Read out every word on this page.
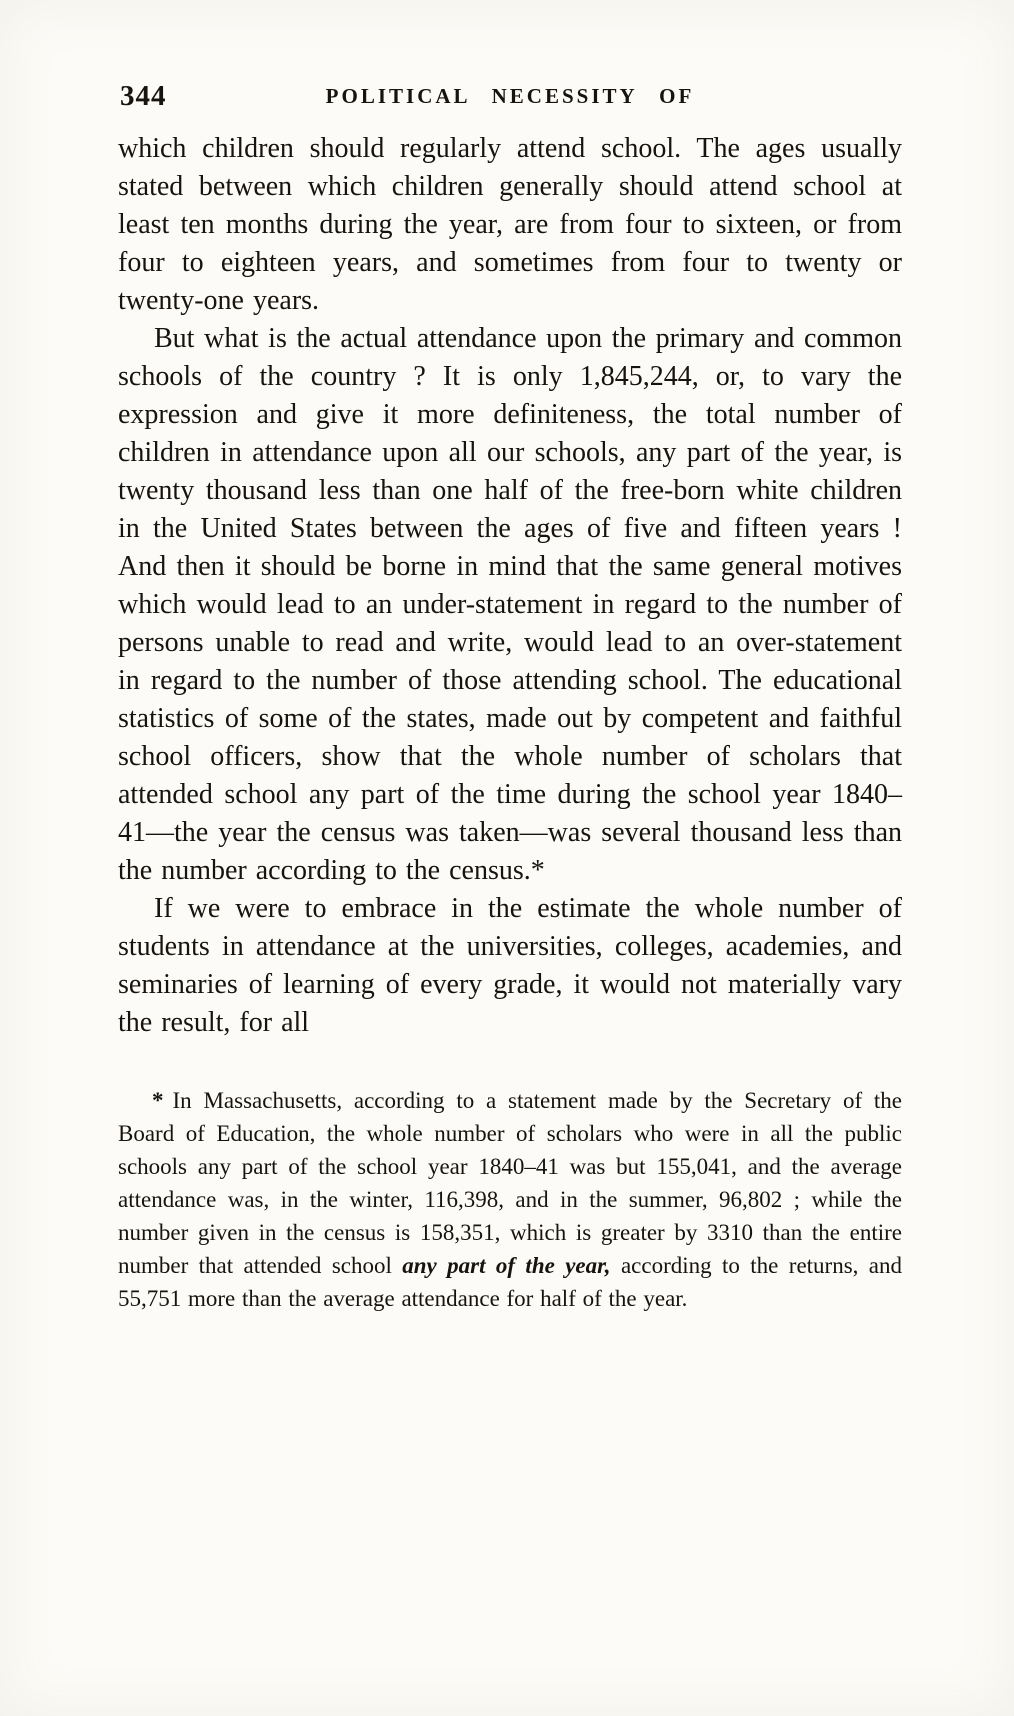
344	POLITICAL NECESSITY OF

which children should regularly attend school. The ages usually stated between which children generally should attend school at least ten months during the year, are from four to sixteen, or from four to eighteen years, and sometimes from four to twenty or twenty-one years.

But what is the actual attendance upon the primary and common schools of the country ? It is only 1,845,244, or, to vary the expression and give it more definiteness, the total number of children in attendance upon all our schools, any part of the year, is twenty thousand less than one half of the free-born white children in the United States between the ages of five and fifteen years ! And then it should be borne in mind that the same general motives which would lead to an under-statement in regard to the number of persons unable to read and write, would lead to an over-statement in regard to the number of those attending school. The educational statistics of some of the states, made out by competent and faithful school officers, show that the whole number of scholars that attended school any part of the time during the school year 1840–41—the year the census was taken—was several thousand less than the number according to the census.*

If we were to embrace in the estimate the whole number of students in attendance at the universities, colleges, academies, and seminaries of learning of every grade, it would not materially vary the result, for all

* In Massachusetts, according to a statement made by the Secretary of the Board of Education, the whole number of scholars who were in all the public schools any part of the school year 1840–41 was but 155,041, and the average attendance was, in the winter, 116,398, and in the summer, 96,802 ; while the number given in the census is 158,351, which is greater by 3310 than the entire number that attended school any part of the year, according to the returns, and 55,751 more than the average attendance for half of the year.
